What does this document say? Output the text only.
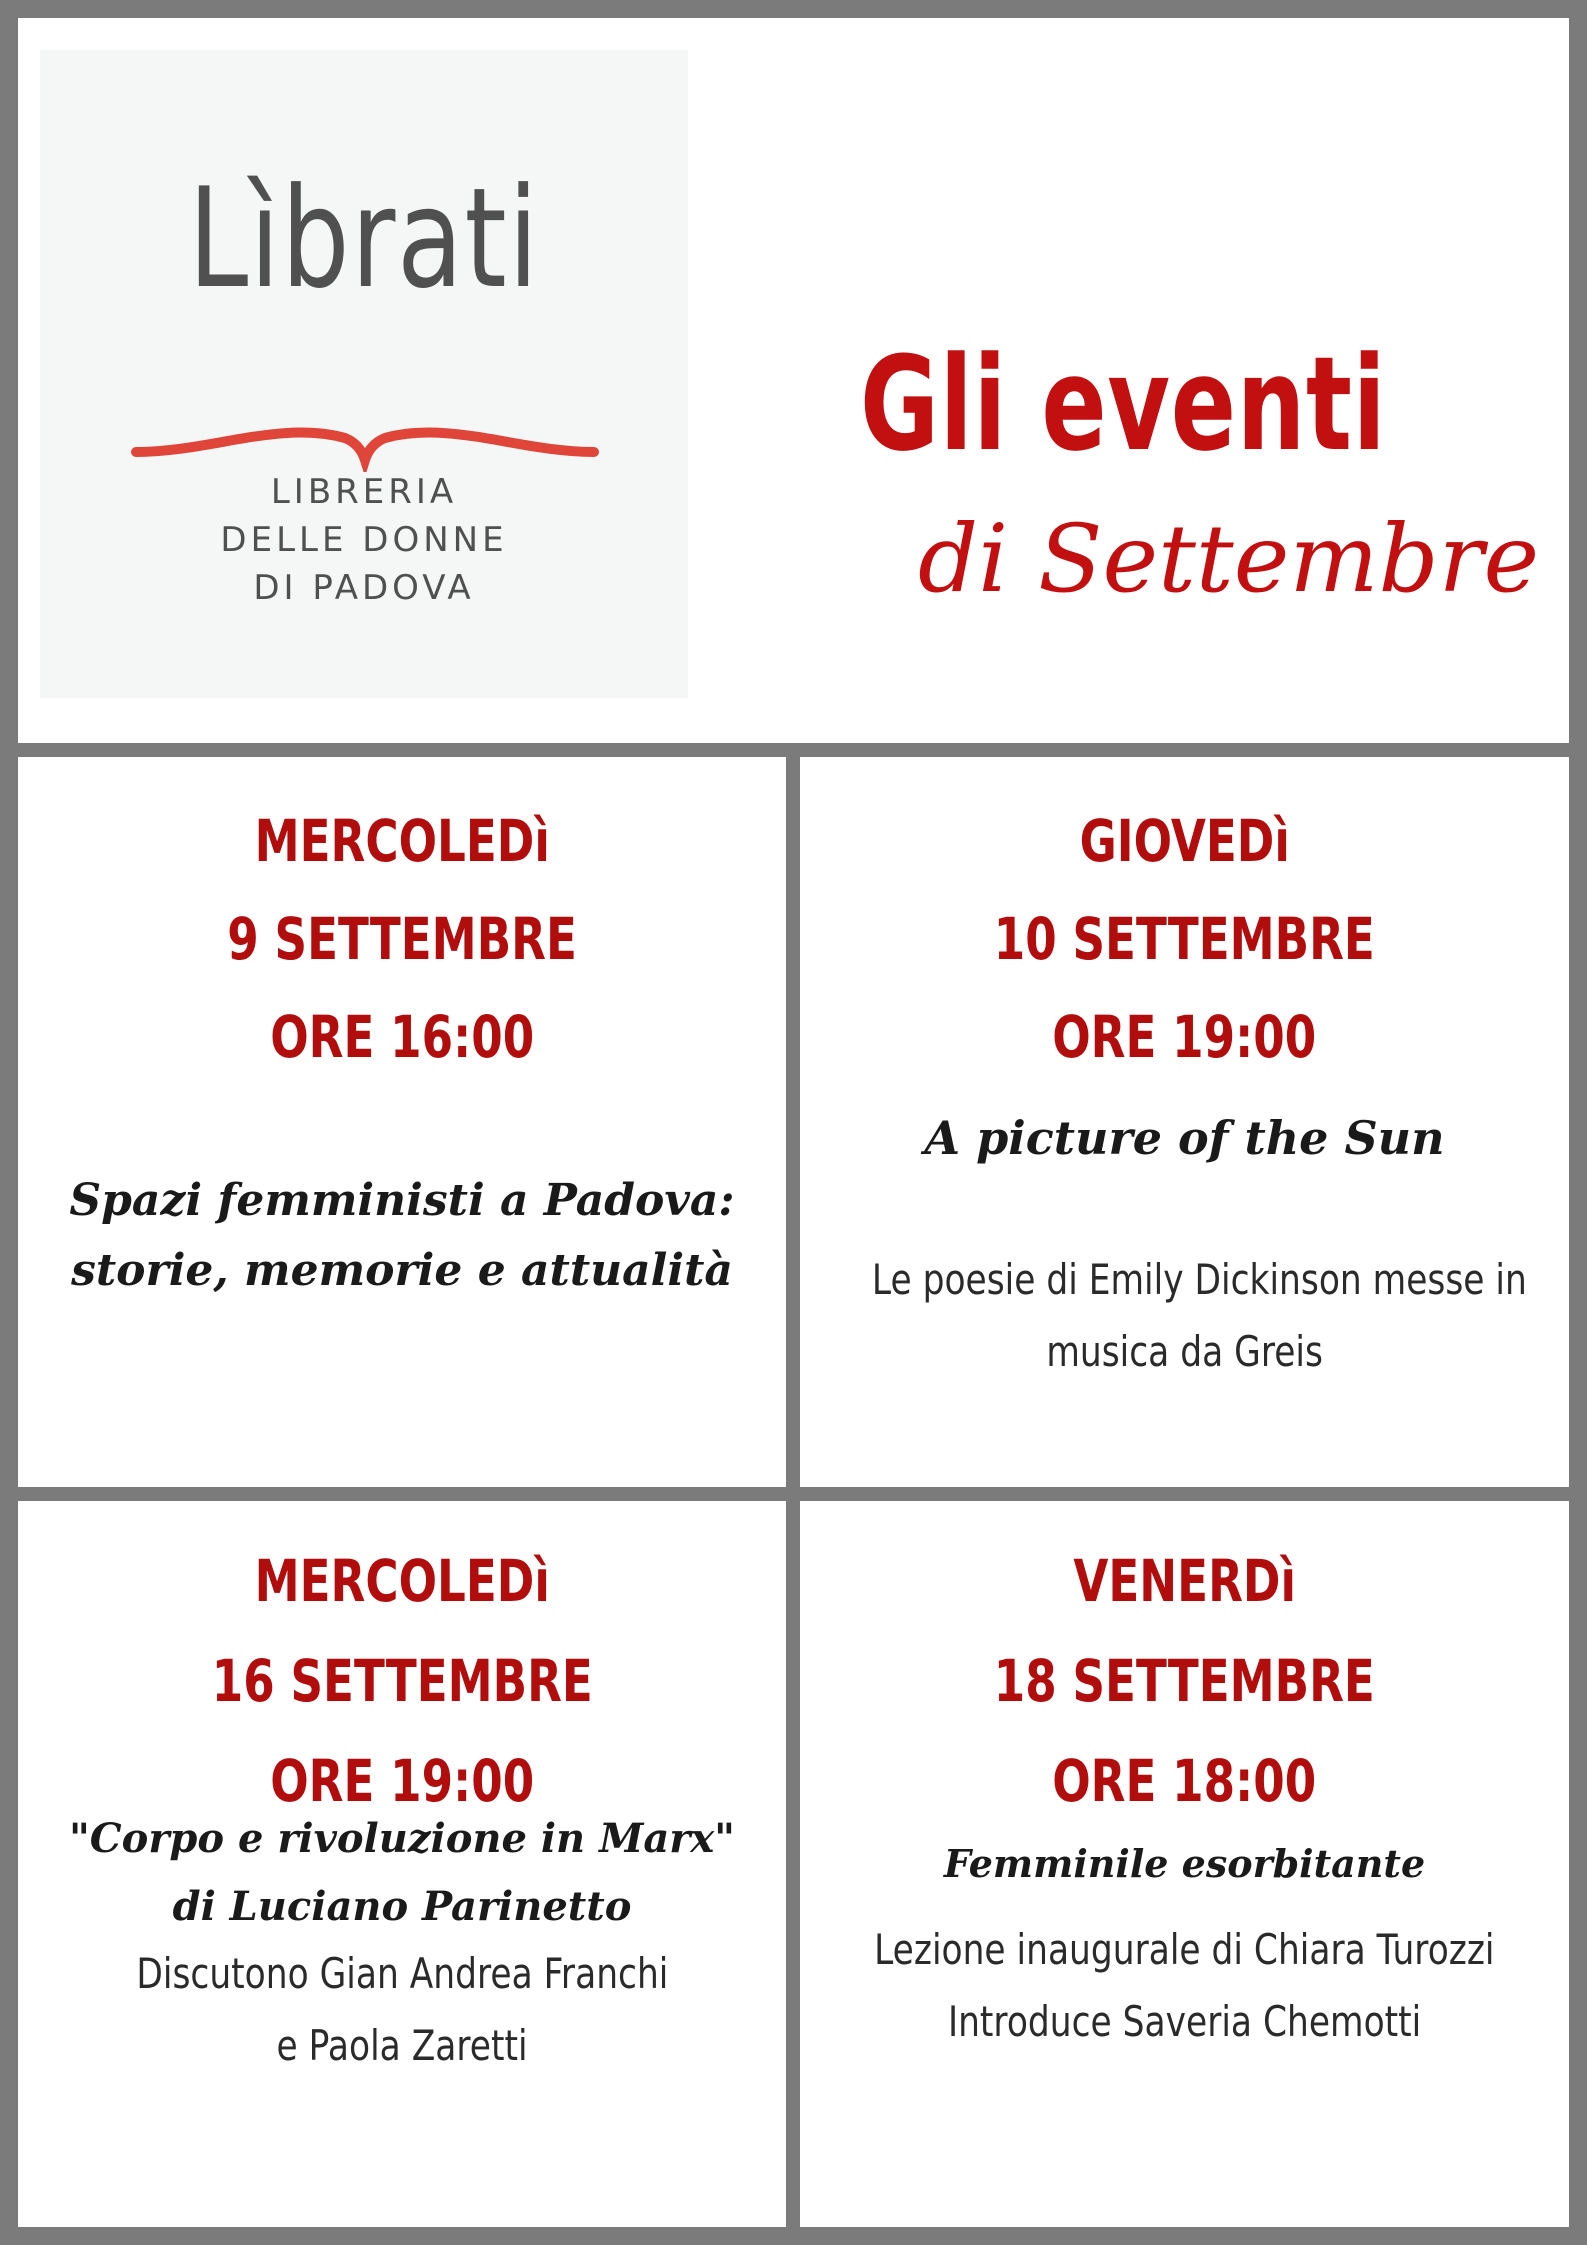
Lìbrati
LIBRERIA
DELLE DONNE
DI PADOVA
Gli eventi
di Settembre
MERCOLEDì
9 SETTEMBRE
ORE 16:00
Spazi femministi a Padova:
storie, memorie e attualità
GIOVEDì
10 SETTEMBRE
ORE 19:00
A picture of the Sun
Le poesie di Emily Dickinson messe in
musica da Greis
MERCOLEDì
16 SETTEMBRE
ORE 19:00
"Corpo e rivoluzione in Marx"
di Luciano Parinetto
Discutono Gian Andrea Franchi
e Paola Zaretti
VENERDì
18 SETTEMBRE
ORE 18:00
Femminile esorbitante
Lezione inaugurale di Chiara Turozzi
Introduce Saveria Chemotti
